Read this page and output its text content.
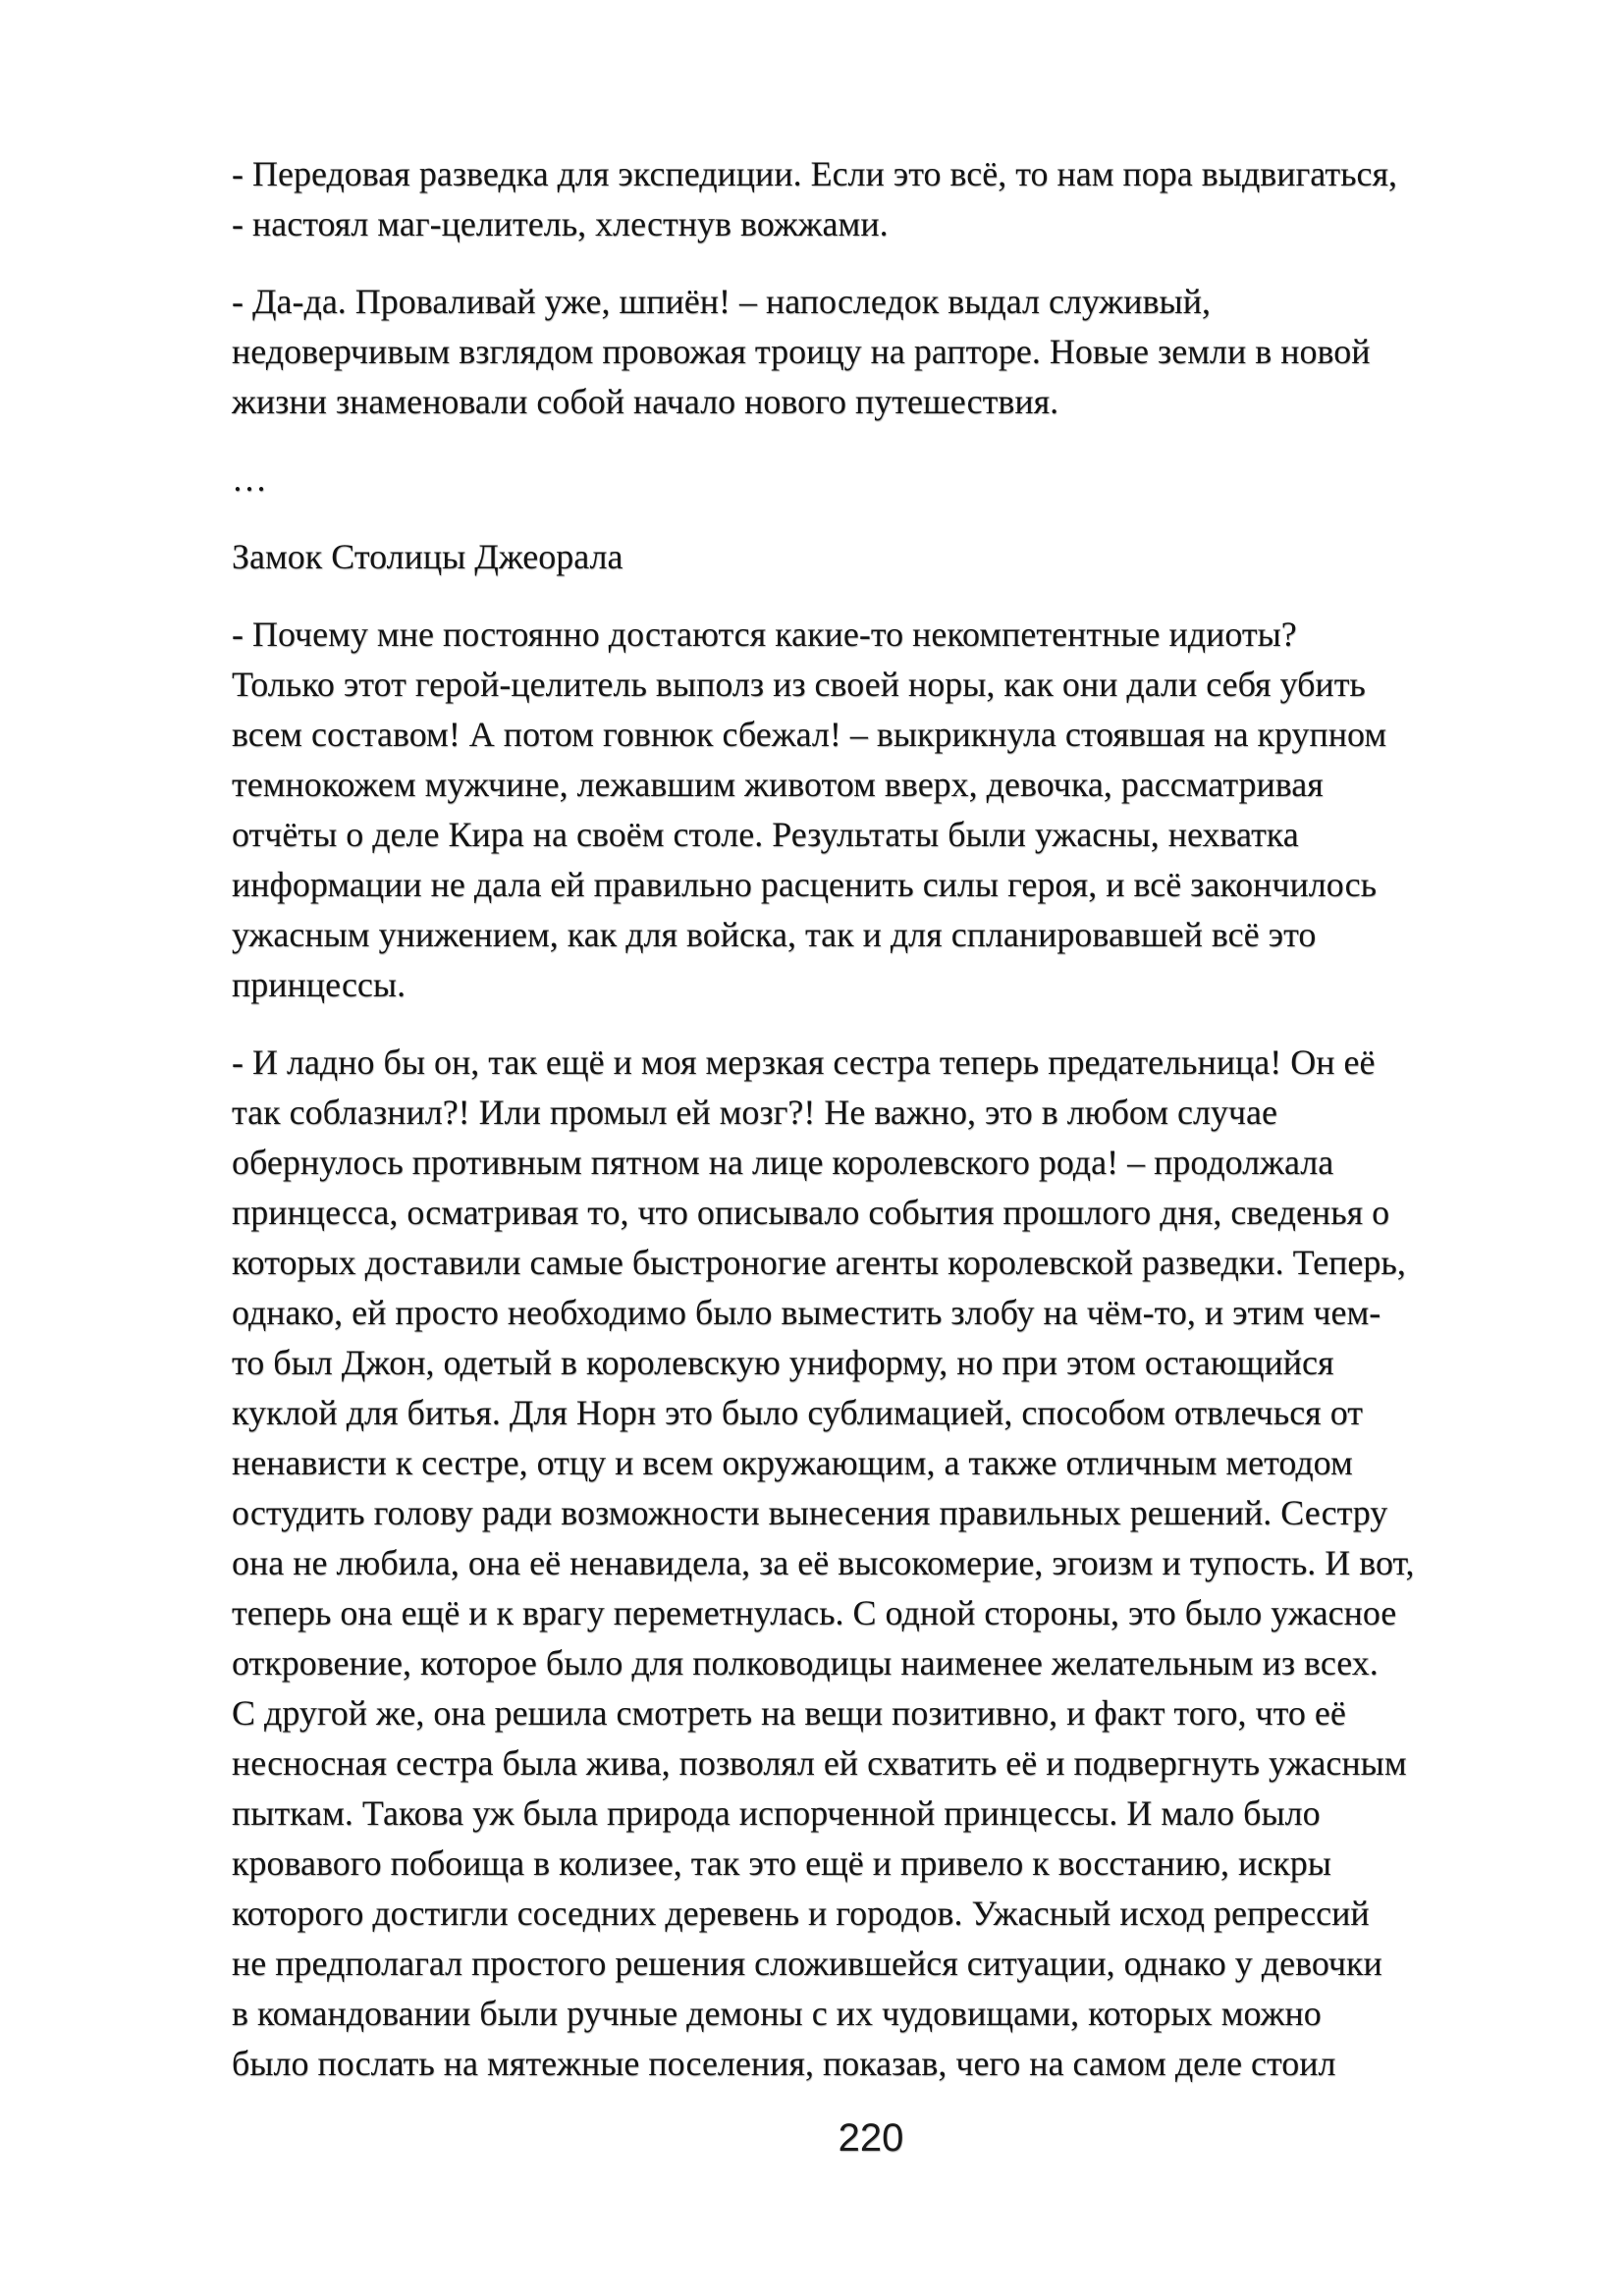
- Передовая разведка для экспедиции. Если это всё, то нам пора выдвигаться,
- настоял маг-целитель, хлестнув вожжами.

- Да-да. Проваливай уже, шпиён! – напоследок выдал служивый,
недоверчивым взглядом провожая троицу на рапторе. Новые земли в новой
жизни знаменовали собой начало нового путешествия.

…

Замок Столицы Джеорала

- Почему мне постоянно достаются какие-то некомпетентные идиоты?
Только этот герой-целитель выполз из своей норы, как они дали себя убить
всем составом! А потом говнюк сбежал! – выкрикнула стоявшая на крупном
темнокожем мужчине, лежавшим животом вверх, девочка, рассматривая
отчёты о деле Кира на своём столе. Результаты были ужасны, нехватка
информации не дала ей правильно расценить силы героя, и всё закончилось
ужасным унижением, как для войска, так и для спланировавшей всё это
принцессы.

- И ладно бы он, так ещё и моя мерзкая сестра теперь предательница! Он её
так соблазнил?! Или промыл ей мозг?! Не важно, это в любом случае
обернулось противным пятном на лице королевского рода! – продолжала
принцесса, осматривая то, что описывало события прошлого дня, сведенья о
которых доставили самые быстроногие агенты королевской разведки. Теперь,
однако, ей просто необходимо было выместить злобу на чём-то, и этим чем-
то был Джон, одетый в королевскую униформу, но при этом остающийся
куклой для битья. Для Норн это было сублимацией, способом отвлечься от
ненависти к сестре, отцу и всем окружающим, а также отличным методом
остудить голову ради возможности вынесения правильных решений. Сестру
она не любила, она её ненавидела, за её высокомерие, эгоизм и тупость. И вот,
теперь она ещё и к врагу переметнулась. С одной стороны, это было ужасное
откровение, которое было для полководицы наименее желательным из всех.
С другой же, она решила смотреть на вещи позитивно, и факт того, что её
несносная сестра была жива, позволял ей схватить её и подвергнуть ужасным
пыткам. Такова уж была природа испорченной принцессы. И мало было
кровавого побоища в колизее, так это ещё и привело к восстанию, искры
которого достигли соседних деревень и городов. Ужасный исход репрессий
не предполагал простого решения сложившейся ситуации, однако у девочки
в командовании были ручные демоны с их чудовищами, которых можно
было послать на мятежные поселения, показав, чего на самом деле стоил

220
